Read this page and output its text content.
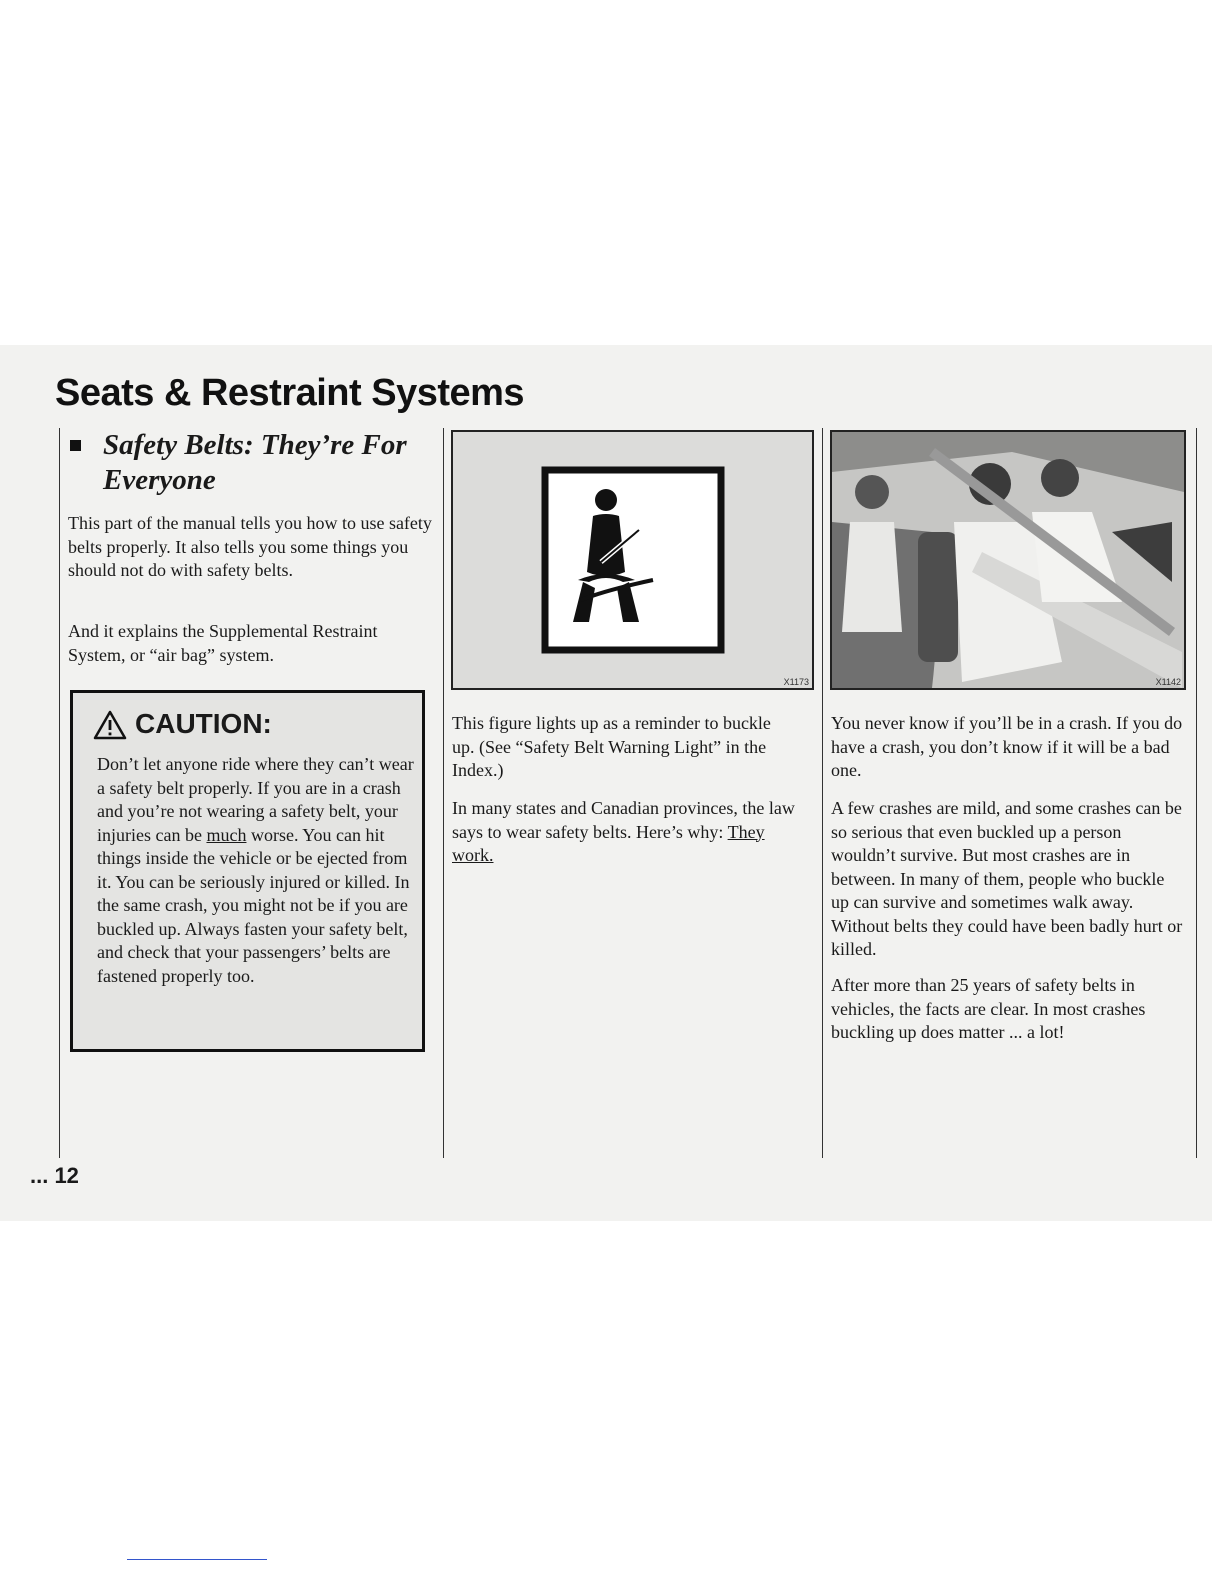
Seats & Restraint Systems
Safety Belts: They’re For Everyone

This part of the manual tells you how to use safety belts properly. It also tells you some things you should not do with safety belts.

And it explains the Supplemental Restraint System, or “air bag” system.

CAUTION:

Don’t let anyone ride where they can’t wear a safety belt properly. If you are in a crash and you’re not wearing a safety belt, your injuries can be much worse. You can hit things inside the vehicle or be ejected from it. You can be seriously injured or killed. In the same crash, you might not be if you are buckled up. Always fasten your safety belt, and check that your passengers’ belts are fastened properly too.

X1173

This figure lights up as a reminder to buckle up. (See “Safety Belt Warning Light” in the Index.)

In many states and Canadian provinces, the law says to wear safety belts. Here’s why: They work.

X1142

You never know if you’ll be in a crash. If you do have a crash, you don’t know if it will be a bad one.

A few crashes are mild, and some crashes can be so serious that even buckled up a person wouldn’t survive. But most crashes are in between. In many of them, people who buckle up can survive and sometimes walk away. Without belts they could have been badly hurt or killed.

After more than 25 years of safety belts in vehicles, the facts are clear. In most crashes buckling up does matter ... a lot!

... 12
